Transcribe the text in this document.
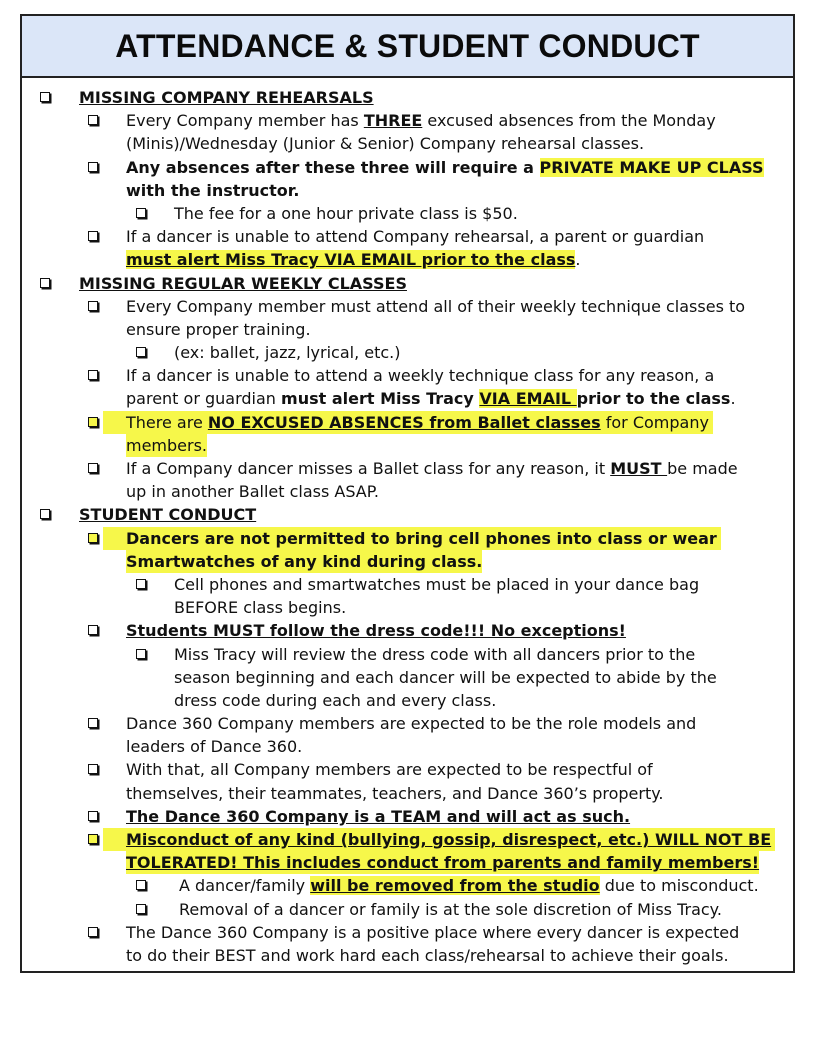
ATTENDANCE & STUDENT CONDUCT
MISSING COMPANY REHEARSALS
Every Company member has THREE excused absences from the Monday
(Minis)/Wednesday (Junior & Senior) Company rehearsal classes.
Any absences after these three will require a PRIVATE MAKE UP CLASS
with the instructor.
The fee for a one hour private class is $50.
If a dancer is unable to attend Company rehearsal, a parent or guardian
must alert Miss Tracy VIA EMAIL prior to the class.
MISSING REGULAR WEEKLY CLASSES
Every Company member must attend all of their weekly technique classes to
ensure proper training.
(ex: ballet, jazz, lyrical, etc.)
If a dancer is unable to attend a weekly technique class for any reason, a
parent or guardian must alert Miss Tracy VIA EMAIL prior to the class.
There are NO EXCUSED ABSENCES from Ballet classes for Company
members.
If a Company dancer misses a Ballet class for any reason, it MUST be made
up in another Ballet class ASAP.
STUDENT CONDUCT
Dancers are not permitted to bring cell phones into class or wear
Smartwatches of any kind during class.
Cell phones and smartwatches must be placed in your dance bag
BEFORE class begins.
Students MUST follow the dress code!!! No exceptions!
Miss Tracy will review the dress code with all dancers prior to the
season beginning and each dancer will be expected to abide by the
dress code during each and every class.
Dance 360 Company members are expected to be the role models and
leaders of Dance 360.
With that, all Company members are expected to be respectful of
themselves, their teammates, teachers, and Dance 360’s property.
The Dance 360 Company is a TEAM and will act as such.
Misconduct of any kind (bullying, gossip, disrespect, etc.) WILL NOT BE
TOLERATED! This includes conduct from parents and family members!
A dancer/family will be removed from the studio due to misconduct.
Removal of a dancer or family is at the sole discretion of Miss Tracy.
The Dance 360 Company is a positive place where every dancer is expected
to do their BEST and work hard each class/rehearsal to achieve their goals.
